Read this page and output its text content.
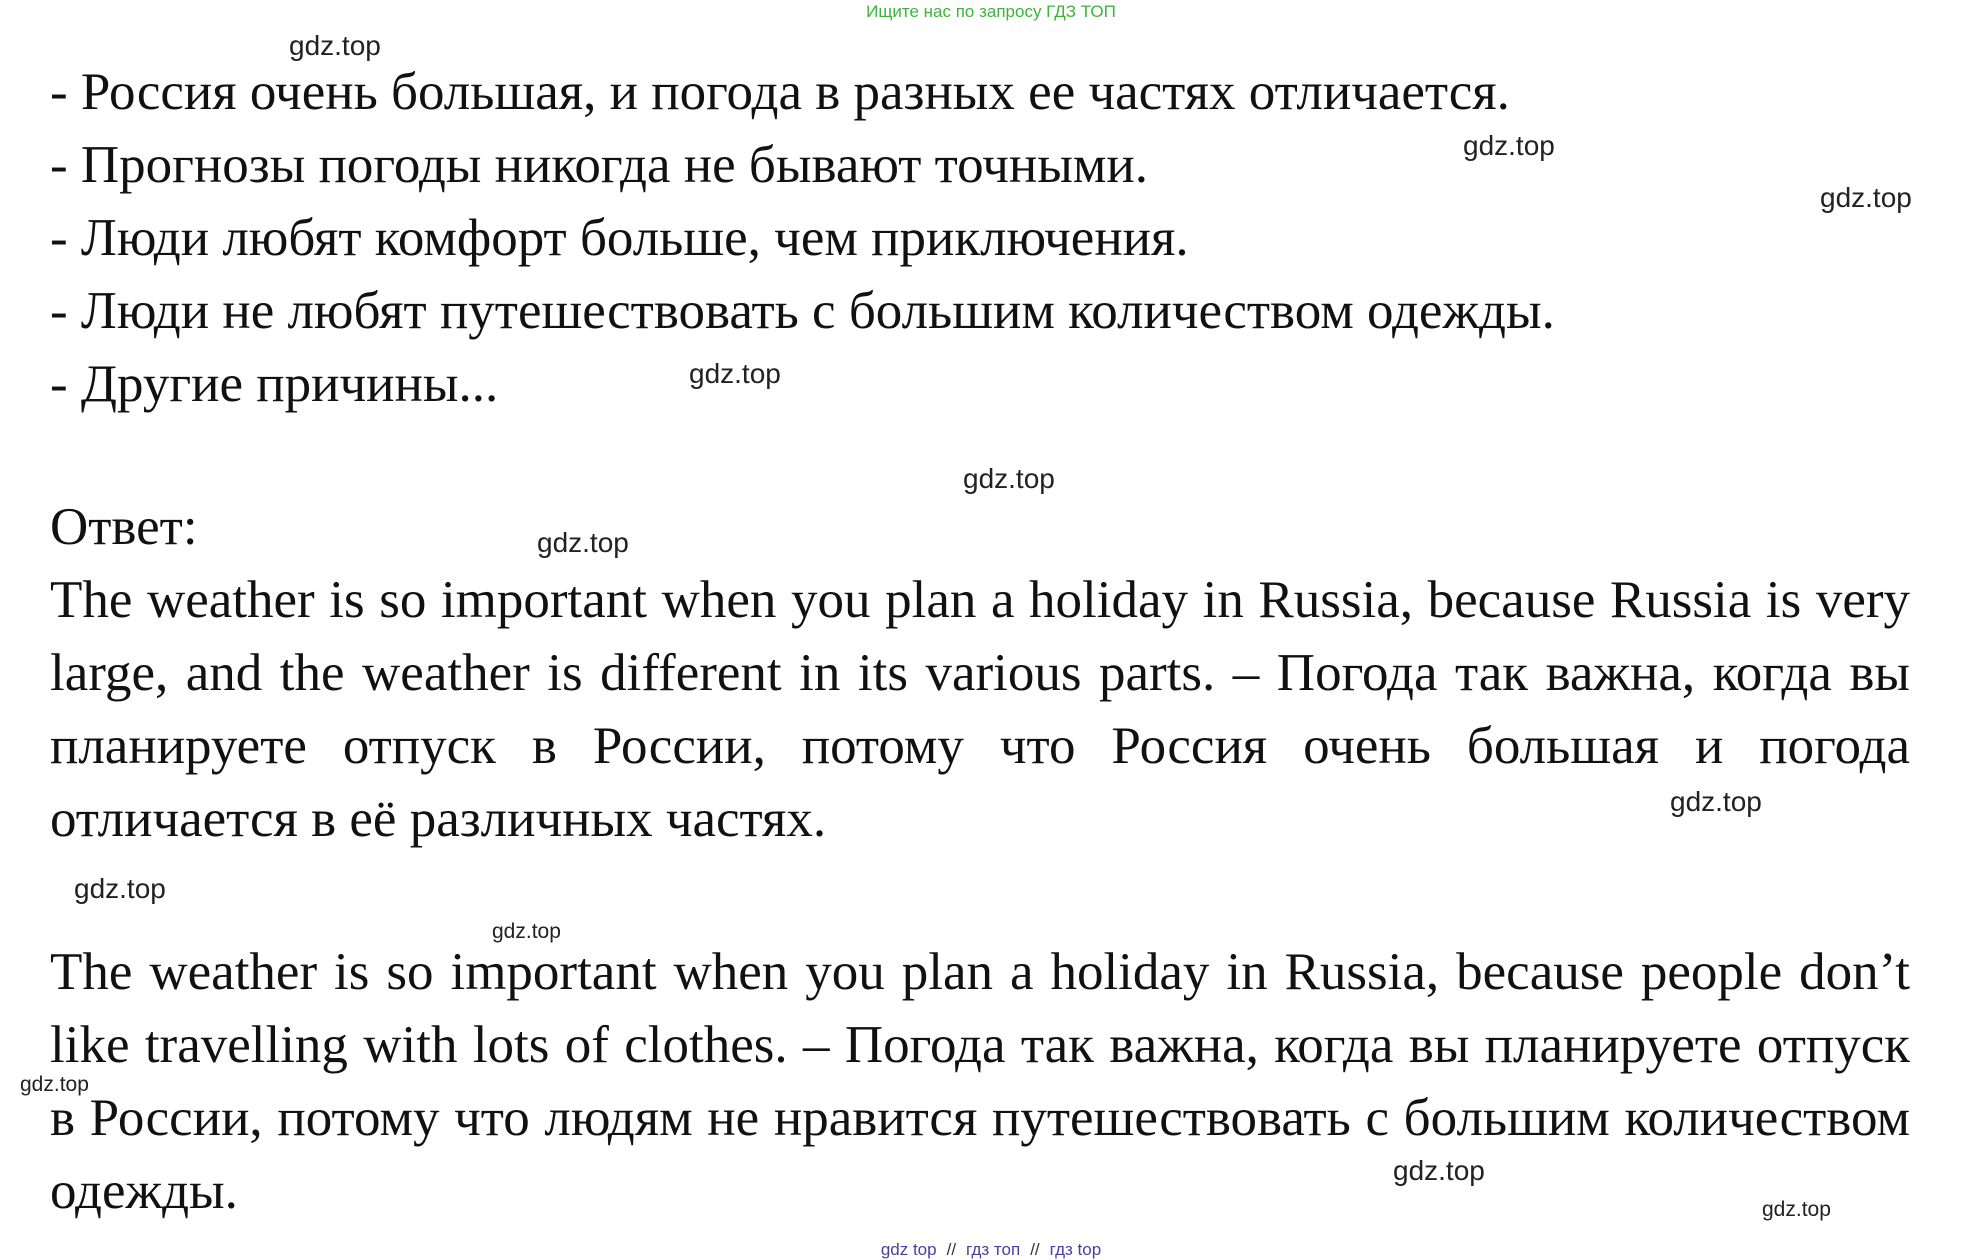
Ищите нас по запросу ГДЗ ТОП

- Россия очень большая, и погода в разных ее частях отличается.

- Прогнозы погоды никогда не бывают точными.

- Люди любят комфорт больше, чем приключения.

- Люди не любят путешествовать с большим количеством одежды.

- Другие причины...

Ответ:

The weather is so important when you plan a holiday in Russia, because Russia is very large, and the weather is different in its various parts. – Погода так важна, когда вы планируете отпуск в России, потому что Россия очень большая и погода отличается в её различных частях.

The weather is so important when you plan a holiday in Russia, because people don’t like travelling with lots of clothes. – Погода так важна, когда вы планируете отпуск в России, потому что людям не нравится путешествовать с большим количеством одежды.

gdz.top
gdz.top
gdz.top
gdz.top
gdz.top
gdz.top
gdz.top
gdz.top
gdz.top
gdz.top
gdz.top
gdz.top
gdz top // гдз топ // гдз top
